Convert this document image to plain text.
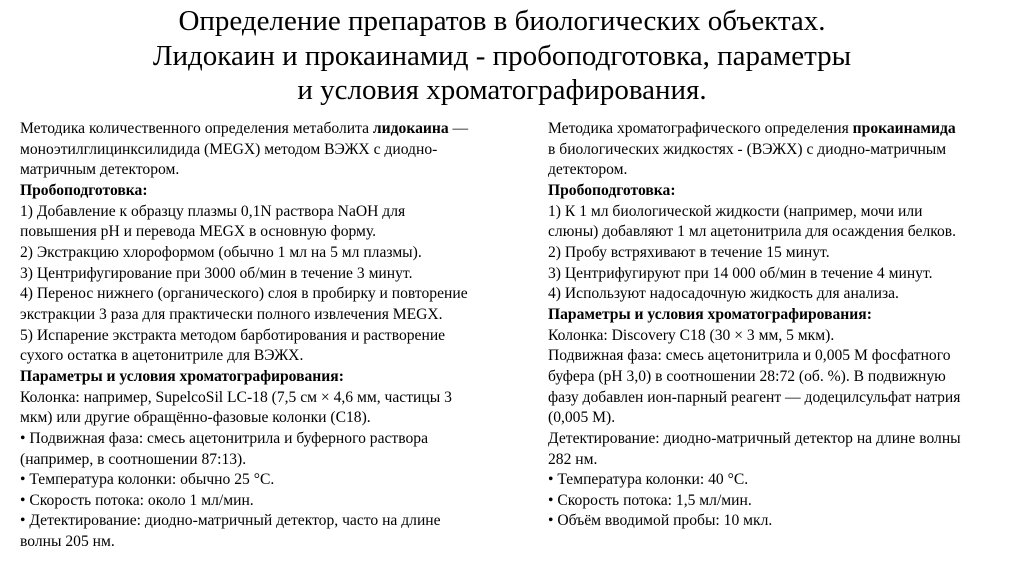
Определение препаратов в биологических объектах.
Лидокаин и прокаинамид - пробоподготовка, параметры
и условия хроматографирования.
Методика количественного определения метаболита лидокаина —
моноэтилглицинксилидида (MEGX) методом ВЭЖХ с диодно-
матричным детектором.
Пробоподготовка:
1) Добавление к образцу плазмы 0,1N раствора NaOH для
повышения pH и перевода MEGX в основную форму.
2) Экстракцию хлороформом (обычно 1 мл на 5 мл плазмы).
3) Центрифугирование при 3000 об/мин в течение 3 минут.
4) Перенос нижнего (органического) слоя в пробирку и повторение
экстракции 3 раза для практически полного извлечения MEGX.
5) Испарение экстракта методом барботирования и растворение
сухого остатка в ацетонитриле для ВЭЖХ.
Параметры и условия хроматографирования:
Колонка: например, SupelcoSil LC-18 (7,5 см × 4,6 мм, частицы 3
мкм) или другие обращённо-фазовые колонки (C18).
• Подвижная фаза: смесь ацетонитрила и буферного раствора
(например, в соотношении 87:13).
• Температура колонки: обычно 25 °C.
• Скорость потока: около 1 мл/мин.
• Детектирование: диодно-матричный детектор, часто на длине
волны 205 нм.
Методика хроматографического определения прокаинамида
в биологических жидкостях - (ВЭЖХ) с диодно-матричным
детектором.
Пробоподготовка:
1) К 1 мл биологической жидкости (например, мочи или
слюны) добавляют 1 мл ацетонитрила для осаждения белков.
2) Пробу встряхивают в течение 15 минут.
3) Центрифугируют при 14 000 об/мин в течение 4 минут.
4) Используют надосадочную жидкость для анализа.
Параметры и условия хроматографирования:
Колонка: Discovery C18 (30 × 3 мм, 5 мкм).
Подвижная фаза: смесь ацетонитрила и 0,005 М фосфатного
буфера (pH 3,0) в соотношении 28:72 (об. %). В подвижную
фазу добавлен ион-парный реагент — додецилсульфат натрия
(0,005 М).
Детектирование: диодно-матричный детектор на длине волны
282 нм.
• Температура колонки: 40 °C.
• Скорость потока: 1,5 мл/мин.
• Объём вводимой пробы: 10 мкл.
